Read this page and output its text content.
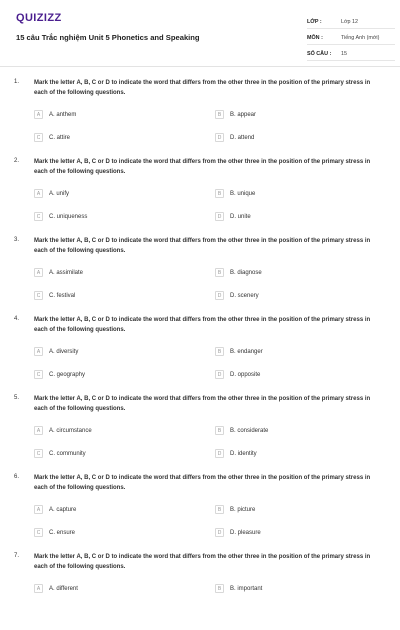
QUIZIZZ
15 câu Trắc nghiệm Unit 5 Phonetics and Speaking
LỚP :	Lớp 12
MÔN :	Tiếng Anh (mới)
SỐ CÂU :	15
1. Mark the letter A, B, C or D to indicate the word that differs from the other three in the position of the primary stress in each of the following questions.
A	A. anthem	B	B. appear
C	C. attire	D	D. attend
2. Mark the letter A, B, C or D to indicate the word that differs from the other three in the position of the primary stress in each of the following questions.
A	A. unify	B	B. unique
C	C. uniqueness	D	D. unite
3. Mark the letter A, B, C or D to indicate the word that differs from the other three in the position of the primary stress in each of the following questions.
A	A. assimilate	B	B. diagnose
C	C. festival	D	D. scenery
4. Mark the letter A, B, C or D to indicate the word that differs from the other three in the position of the primary stress in each of the following questions.
A	A. diversity	B	B. endanger
C	C. geography	D	D. opposite
5. Mark the letter A, B, C or D to indicate the word that differs from the other three in the position of the primary stress in each of the following questions.
A	A. circumstance	B	B. considerate
C	C. community	D	D. identity
6. Mark the letter A, B, C or D to indicate the word that differs from the other three in the position of the primary stress in each of the following questions.
A	A. capture	B	B. picture
C	C. ensure	D	D. pleasure
7. Mark the letter A, B, C or D to indicate the word that differs from the other three in the position of the primary stress in each of the following questions.
A	A. different	B	B. important
